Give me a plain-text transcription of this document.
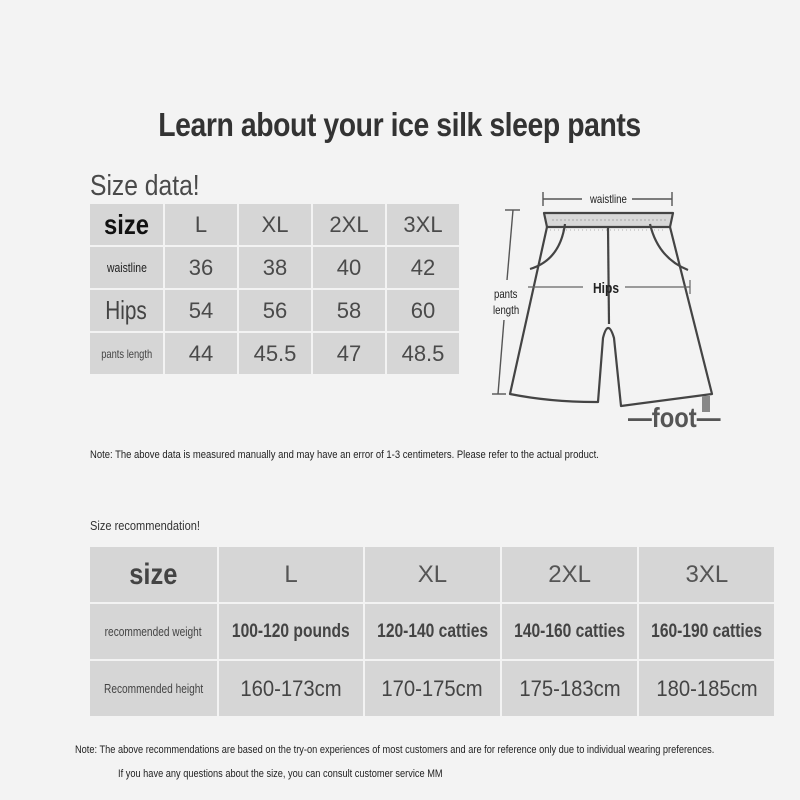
Learn about your ice silk sleep pants
Size data!
size	L	XL	2XL	3XL
waistline	36	38	40	42
Hips	54	56	58	60
pants length	44	45.5	47	48.5
waistline
Hips
pants
length
—foot—
Note: The above data is measured manually and may have an error of 1-3 centimeters. Please refer to the actual product.
Size recommendation!
size	L	XL	2XL	3XL
recommended weight	100-120 pounds	120-140 catties	140-160 catties	160-190 catties
Recommended height	160-173cm	170-175cm	175-183cm	180-185cm
Note: The above recommendations are based on the try-on experiences of most customers and are for reference only due to individual wearing preferences.
If you have any questions about the size, you can consult customer service MM
